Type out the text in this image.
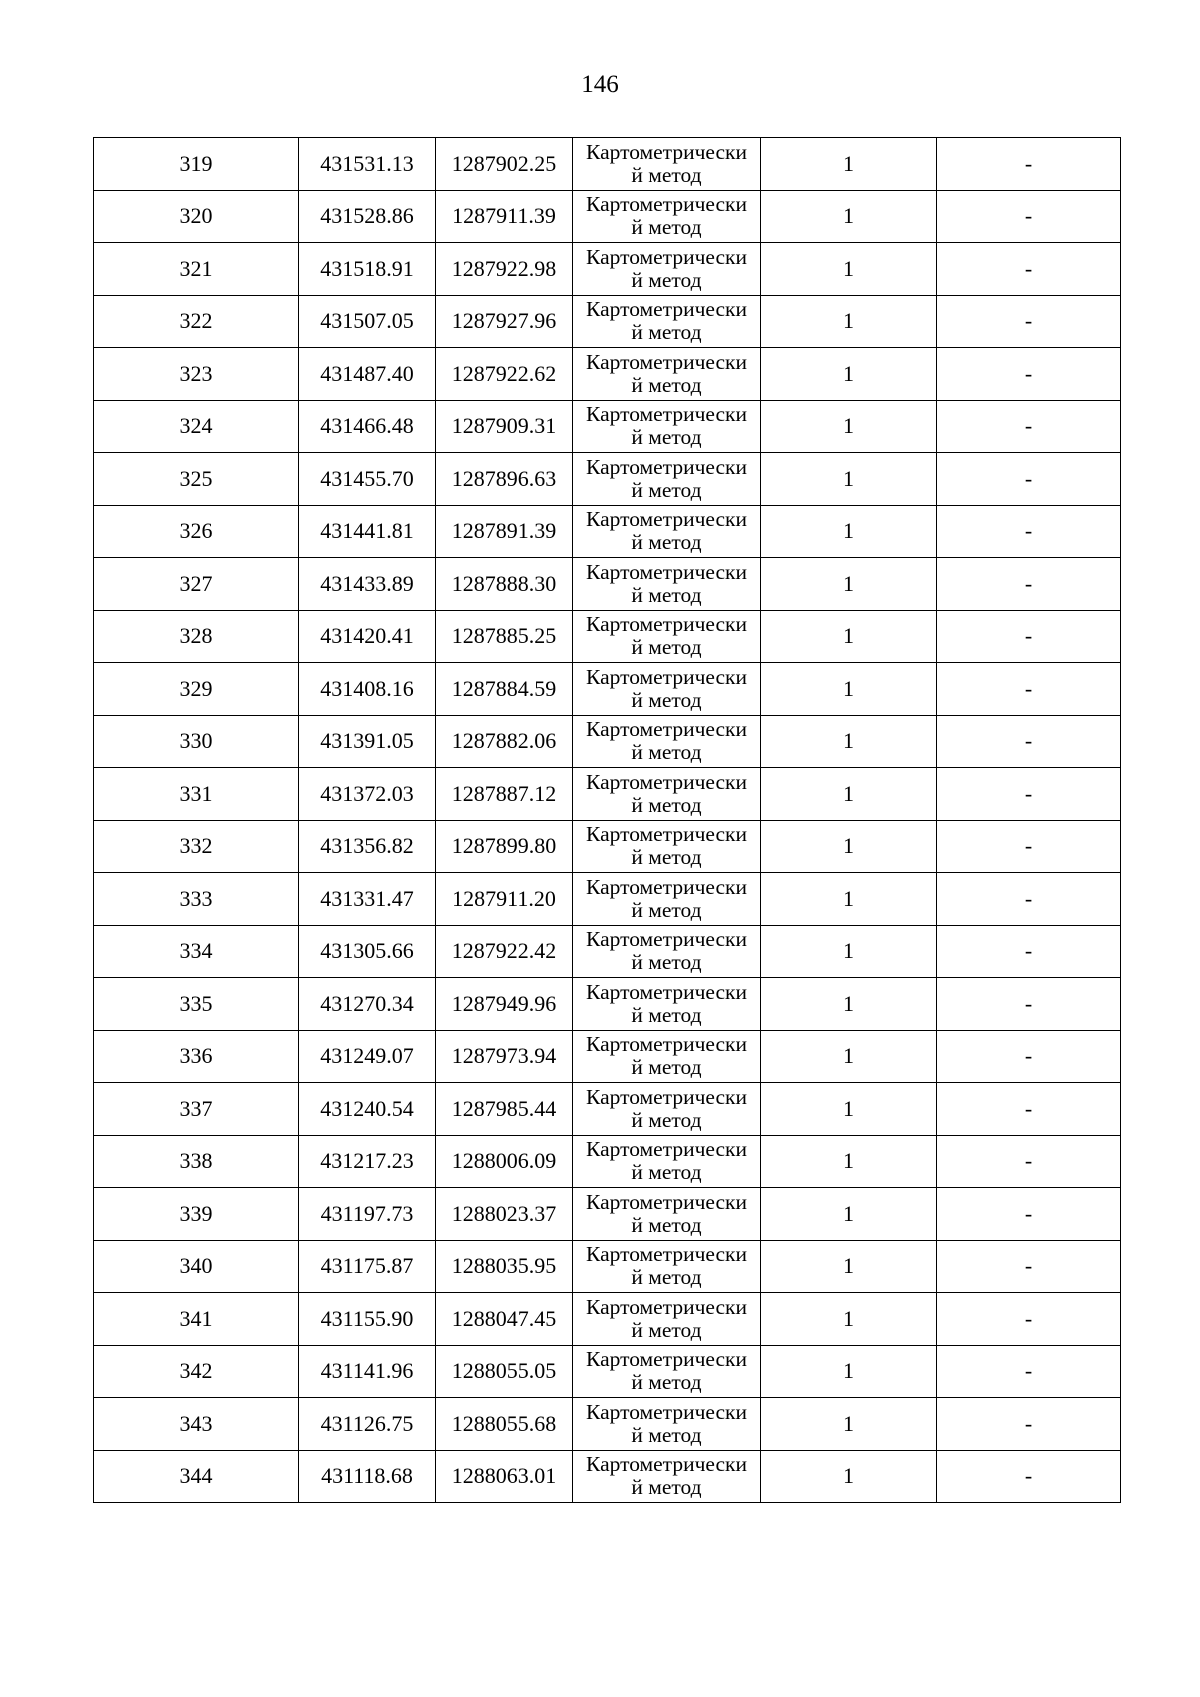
146
319	431531.13	1287902.25	Картометрически
й метод	1	-
320	431528.86	1287911.39	Картометрически
й метод	1	-
321	431518.91	1287922.98	Картометрически
й метод	1	-
322	431507.05	1287927.96	Картометрически
й метод	1	-
323	431487.40	1287922.62	Картометрически
й метод	1	-
324	431466.48	1287909.31	Картометрически
й метод	1	-
325	431455.70	1287896.63	Картометрически
й метод	1	-
326	431441.81	1287891.39	Картометрически
й метод	1	-
327	431433.89	1287888.30	Картометрически
й метод	1	-
328	431420.41	1287885.25	Картометрически
й метод	1	-
329	431408.16	1287884.59	Картометрически
й метод	1	-
330	431391.05	1287882.06	Картометрически
й метод	1	-
331	431372.03	1287887.12	Картометрически
й метод	1	-
332	431356.82	1287899.80	Картометрически
й метод	1	-
333	431331.47	1287911.20	Картометрически
й метод	1	-
334	431305.66	1287922.42	Картометрически
й метод	1	-
335	431270.34	1287949.96	Картометрически
й метод	1	-
336	431249.07	1287973.94	Картометрически
й метод	1	-
337	431240.54	1287985.44	Картометрически
й метод	1	-
338	431217.23	1288006.09	Картометрически
й метод	1	-
339	431197.73	1288023.37	Картометрически
й метод	1	-
340	431175.87	1288035.95	Картометрически
й метод	1	-
341	431155.90	1288047.45	Картометрически
й метод	1	-
342	431141.96	1288055.05	Картометрически
й метод	1	-
343	431126.75	1288055.68	Картометрически
й метод	1	-
344	431118.68	1288063.01	Картометрически
й метод	1	-
